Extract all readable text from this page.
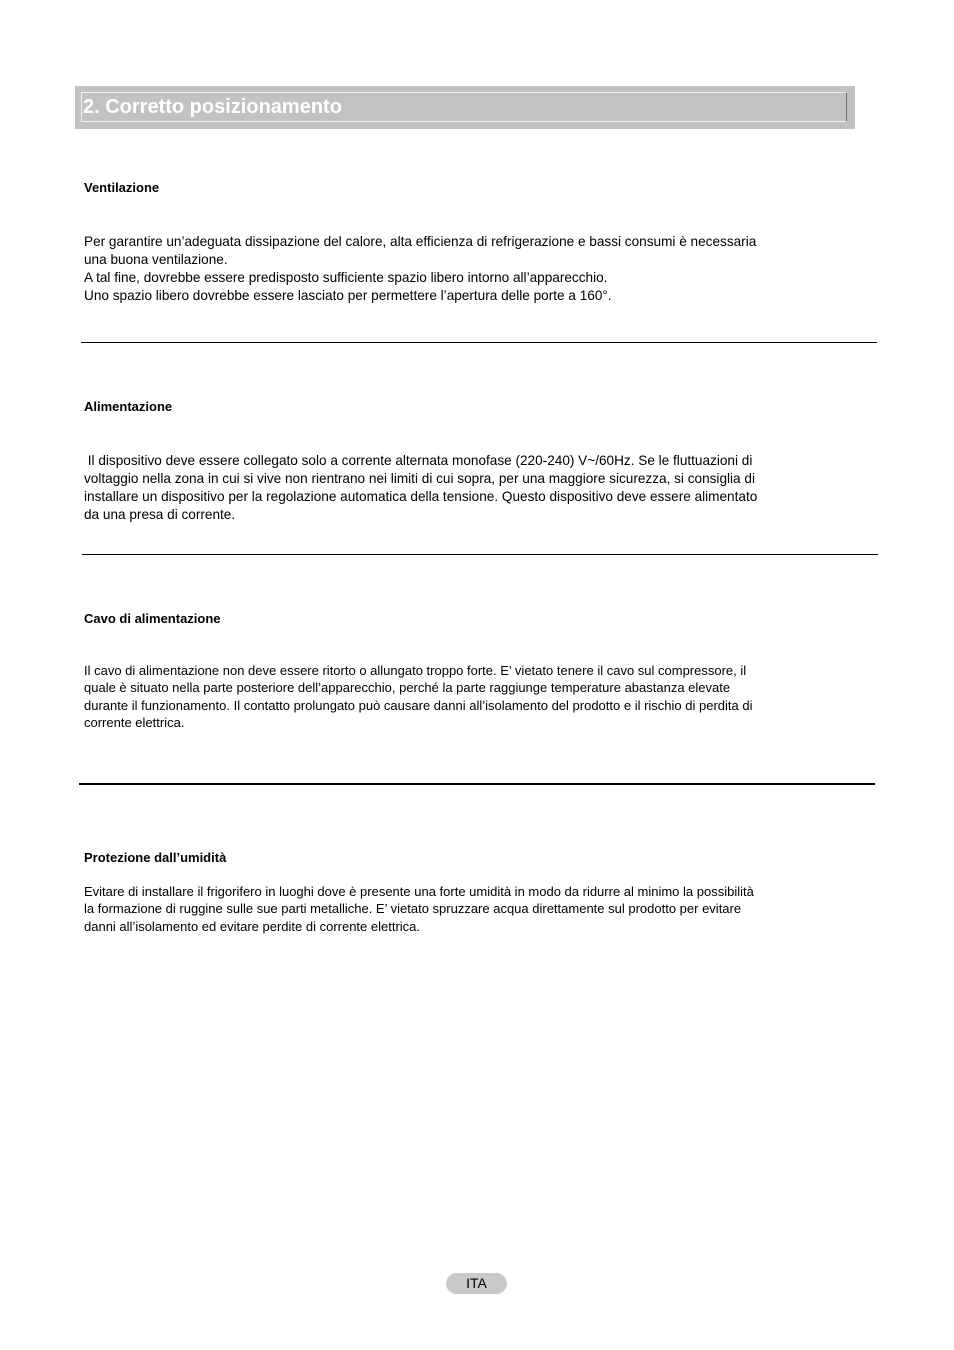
2. Corretto posizionamento
Ventilazione
Per garantire un’adeguata dissipazione del calore, alta efficienza di refrigerazione e bassi consumi è necessaria
una buona ventilazione.
A tal fine, dovrebbe essere predisposto sufficiente spazio libero intorno all’apparecchio.
Uno spazio libero dovrebbe essere lasciato per permettere l’apertura delle porte a 160°.
Alimentazione
Il dispositivo deve essere collegato solo a corrente alternata monofase (220-240) V~/60Hz. Se le fluttuazioni di
voltaggio nella zona in cui si vive non rientrano nei limiti di cui sopra, per una maggiore sicurezza, si consiglia di
installare un dispositivo per la regolazione automatica della tensione. Questo dispositivo deve essere alimentato
da una presa di corrente.
Cavo di alimentazione
Il cavo di alimentazione non deve essere ritorto o allungato troppo forte. E’ vietato tenere il cavo sul compressore, il
quale è situato nella parte posteriore dell’apparecchio, perché la parte raggiunge temperature abastanza elevate
durante il funzionamento. Il contatto prolungato può causare danni all’isolamento del prodotto e il rischio di perdita di
corrente elettrica.
Protezione dall’umidità
Evitare di installare il frigorifero in luoghi dove è presente una forte umidità in modo da ridurre al minimo la possibilità
la formazione di ruggine sulle sue parti metalliche. E’ vietato spruzzare acqua direttamente sul prodotto per evitare
danni all’isolamento ed evitare perdite di corrente elettrica.
ITA
